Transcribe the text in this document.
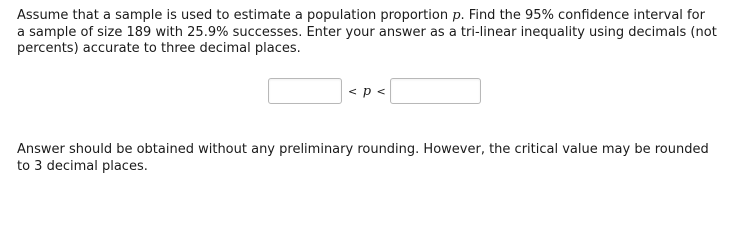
Assume that a sample is used to estimate a population proportion p. Find the 95% confidence interval for a sample of size 189 with 25.9% successes. Enter your answer as a tri-linear inequality using decimals (not percents) accurate to three decimal places.
< p <
Answer should be obtained without any preliminary rounding. However, the critical value may be rounded to 3 decimal places.
